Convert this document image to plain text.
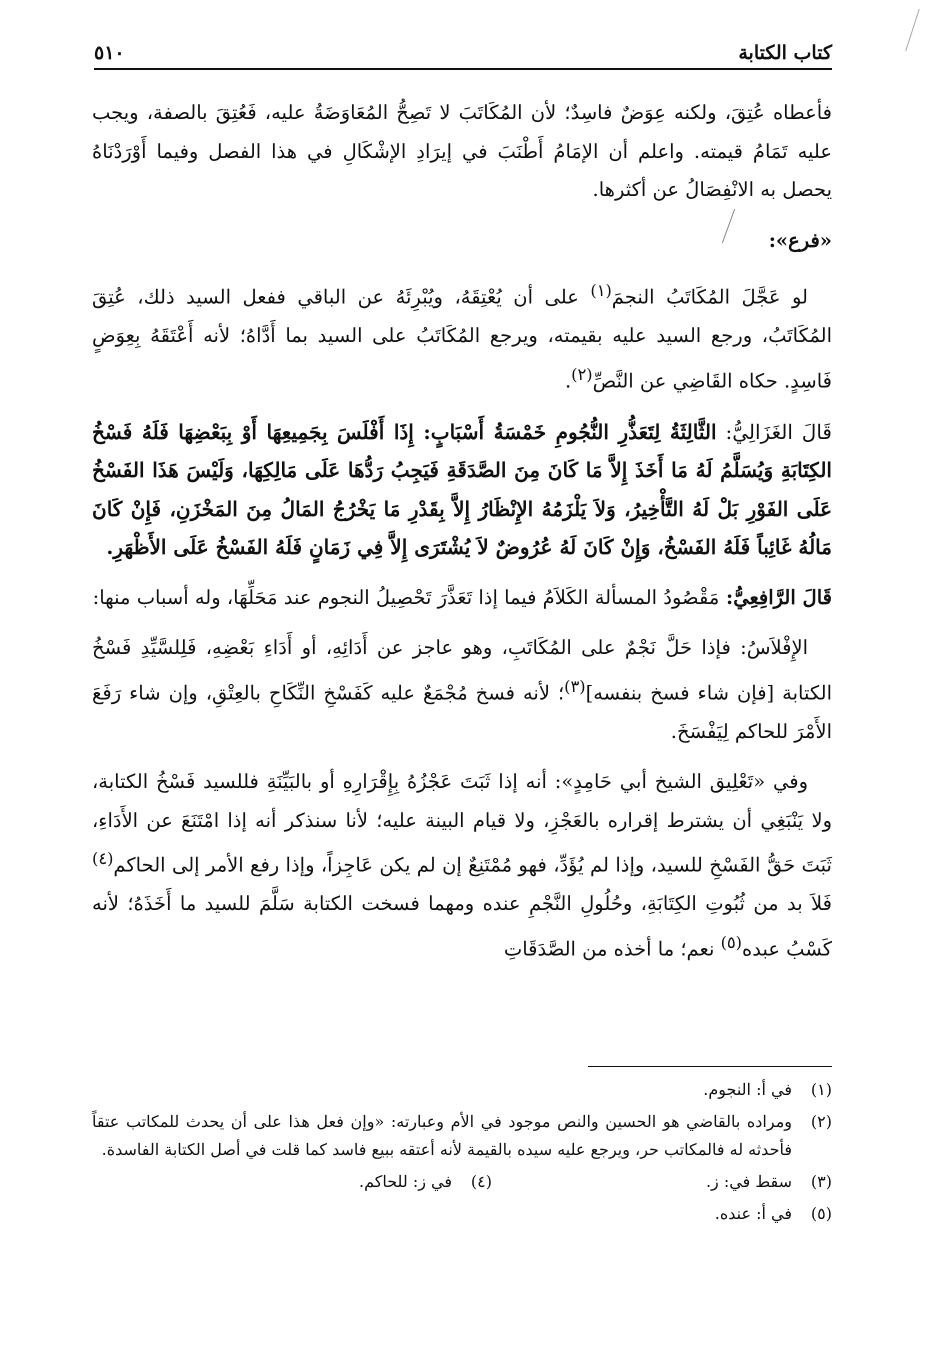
كتاب الكتابة
٥١٠

فأعطاه عُتِقَ، ولكنه عِوَضٌ فاسِدٌ؛ لأن المُكَاتَبَ لا تَصِحُّ المُعَاوَضَةُ عليه، فَعُتِقَ بالصفة، ويجب عليه تَمَامُ قيمته. واعلم أن الإمَامُ أَطْنَبَ في إيرَادِ الإشْكَالِ في هذا الفصل وفيما أَوْرَدْنَاهُ يحصل به الانْفِصَالُ عن أكثرها.

«فرع»:

لو عَجَّلَ المُكَاتَبُ النجمَ$^{(١)}$ على أن يُعْتِقَهُ، ويُبْرِئَهُ عن الباقي ففعل السيد ذلك، عُتِقَ المُكَاتَبُ، ورجع السيد عليه بقيمته، ويرجع المُكَاتَبُ على السيد بما أَدَّاهُ؛ لأنه أَعْتَقَهُ بِعِوَضٍ فَاسِدٍ. حكاه القَاضِي عن النَّصِّ$^{(٢)}$.

قَالَ الغَزَالِيُّ: الثَّالِثَةُ لِتَعَذُّرِ النُّجُومِ خَمْسَةُ أَسْبَابٍ: إِذَا أَفْلَسَ بِجَمِيعِهَا أَوْ بِبَعْضِهَا فَلَهُ فَسْخُ الكِتَابَةِ وَيُسَلَّمُ لَهُ مَا أَخَذَ إِلاَّ مَا كَانَ مِنَ الصَّدَقَةِ فَيَجِبُ رَدُّهَا عَلَى مَالِكِهَا، وَلَيْسَ هَذَا الفَسْخُ عَلَى الفَوْرِ بَلْ لَهُ التَّأْخِيرُ، وَلاَ يَلْزَمُهُ الإِنْظَارُ إِلاَّ بِقَدْرِ مَا يَخْرُجُ المَالُ مِنَ المَخْزَنِ، فَإِنْ كَانَ مَالُهُ غَائِباً فَلَهُ الفَسْخُ، وَإِنْ كَانَ لَهُ عُرُوضٌ لاَ يُشْتَرَى إِلاَّ فِي زَمَانٍ فَلَهُ الفَسْخُ عَلَى الأَظْهَرِ.

قَالَ الرَّافِعِيُّ: مَقْصُودُ المسألة الكَلاَمُ فيما إذا تَعَذَّرَ تَحْصِيلُ النجوم عند مَحَلِّهَا، وله أسباب منها:

الإِفْلاَسُ: فإذا حَلَّ نَجْمٌ على المُكَاتَبِ، وهو عاجز عن أَدَائِهِ، أو أَدَاءِ بَعْضِهِ، فَلِلسَّيِّدِ فَسْخُ الكتابة [فإن شاء فسخ بنفسه]$^{(٣)}$؛ لأنه فسخ مُجْمَعٌ عليه كَفَسْخِ النِّكَاحِ بالعِتْقِ، وإن شاء رَفَعَ الأَمْرَ للحاكم لِيَفْسَخَ.

وفي «تَعْلِيق الشيخ أبي حَامِدٍ»: أنه إذا ثَبَتَ عَجْزُهُ بِإِقْرَارِهِ أو بالبَيِّنَةِ فللسيد فَسْخُ الكتابة، ولا يَنْبَغِي أن يشترط إقراره بالعَجْزِ، ولا قيام البينة عليه؛ لأنا سنذكر أنه إذا امْتَنَعَ عن الأَدَاءِ، ثَبَتَ حَقُّ الفَسْخِ للسيد، وإذا لم يُؤَدِّ، فهو مُمْتَنِعٌ إن لم يكن عَاجِزاً، وإذا رفع الأمر إلى الحاكم$^{(٤)}$ فَلاَ بد من ثُبُوتِ الكِتَابَةِ، وحُلُولِ النَّجْمِ عنده ومهما فسخت الكتابة سَلَّمَ للسيد ما أَخَذَهُ؛ لأنه كَسْبُ عبده$^{(٥)}$ نعم؛ ما أخذه من الصَّدَقَاتِ

(١)
في أ: النجوم.
(٢)
ومراده بالقاضي هو الحسين والنص موجود في الأم وعبارته: «وإن فعل هذا على أن يحدث للمكاتب عتقاً فأحدثه له فالمكاتب حر، ويرجع عليه سيده بالقيمة لأنه أعتقه ببيع فاسد كما قلت في أصل الكتابة الفاسدة.
(٣)
سقط في: ز.
(٤)
في ز: للحاكم.
(٥)
في أ: عنده.
